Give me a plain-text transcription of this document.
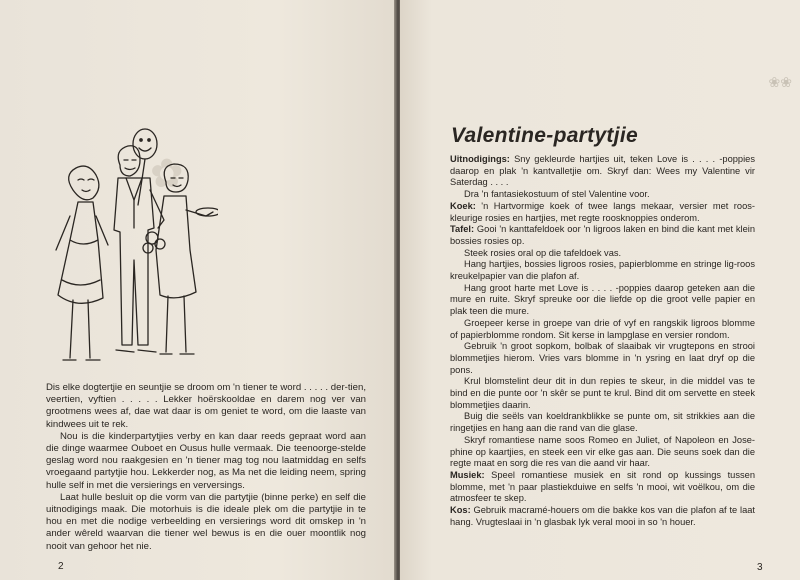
✿

Dis elke dogtertjie en seuntjie se droom om 'n tiener te word . . . . . der-tien, veertien, vyftien . . . . . Lekker hoërskooldae en darem nog ver van grootmens wees af, dae wat daar is om geniet te word, om die laaste van kindwees uit te rek.

Nou is die kinderpartytjies verby en kan daar reeds gepraat word aan die dinge waarmee Ouboet en Ousus hulle vermaak. Die teenoorge-stelde geslag word nou raakgesien en 'n tiener mag tog nou laatmiddag en selfs vroegaand partytjie hou. Lekkerder nog, as Ma net die leiding neem, spring hulle self in met die versierings en verversings.

Laat hulle besluit op die vorm van die partytjie (binne perke) en self die uitnodigings maak. Die motorhuis is die ideale plek om die partytjie in te hou en met die nodige verbeelding en versierings word dit omskep in 'n ander wêreld waarvan die tiener wel bewus is en die ouer moontlik nog nooit van gehoor het nie.

2
❀❀
Valentine-partytjie

Uitnodigings: Sny gekleurde hartjies uit, teken Love is . . . . -poppies daarop en plak 'n kantvalletjie om. Skryf dan: Wees my Valentine vir Saterdag . . . .

Dra 'n fantasiekostuum of stel Valentine voor.

Koek: 'n Hartvormige koek of twee langs mekaar, versier met roos-kleurige rosies en hartjies, met regte roosknoppies onderom.

Tafel: Gooi 'n kanttafeldoek oor 'n ligroos laken en bind die kant met klein bossies rosies op.

Steek rosies oral op die tafeldoek vas.

Hang hartjies, bossies ligroos rosies, papierblomme en stringe lig-roos kreukelpapier van die plafon af.

Hang groot harte met Love is . . . . -poppies daarop geteken aan die mure en ruite. Skryf spreuke oor die liefde op die groot velle papier en plak teen die mure.

Groepeer kerse in groepe van drie of vyf en rangskik ligroos blomme of papierblomme rondom. Sit kerse in lampglase en versier rondom.

Gebruik 'n groot sopkom, bolbak of slaaibak vir vrugtepons en strooi blommetjies hierom. Vries vars blomme in 'n ysring en laat dryf op die pons.

Krul blomstelint deur dit in dun repies te skeur, in die middel vas te bind en die punte oor 'n skêr se punt te krul. Bind dit om servette en steek blommetjies daarin.

Buig die seëls van koeldrankblikke se punte om, sit strikkies aan die ringetjies en hang aan die rand van die glase.

Skryf romantiese name soos Romeo en Juliet, of Napoleon en Jose-phine op kaartjies, en steek een vir elke gas aan. Die seuns soek dan die regte maat en sorg die res van die aand vir haar.

Musiek: Speel romantiese musiek en sit rond op kussings tussen blomme, met 'n paar plastiekduiwe en selfs 'n mooi, wit voëlkou, om die atmosfeer te skep.

Kos: Gebruik macramé-houers om die bakke kos van die plafon af te laat hang. Vrugteslaai in 'n glasbak lyk veral mooi in so 'n houer.

3
